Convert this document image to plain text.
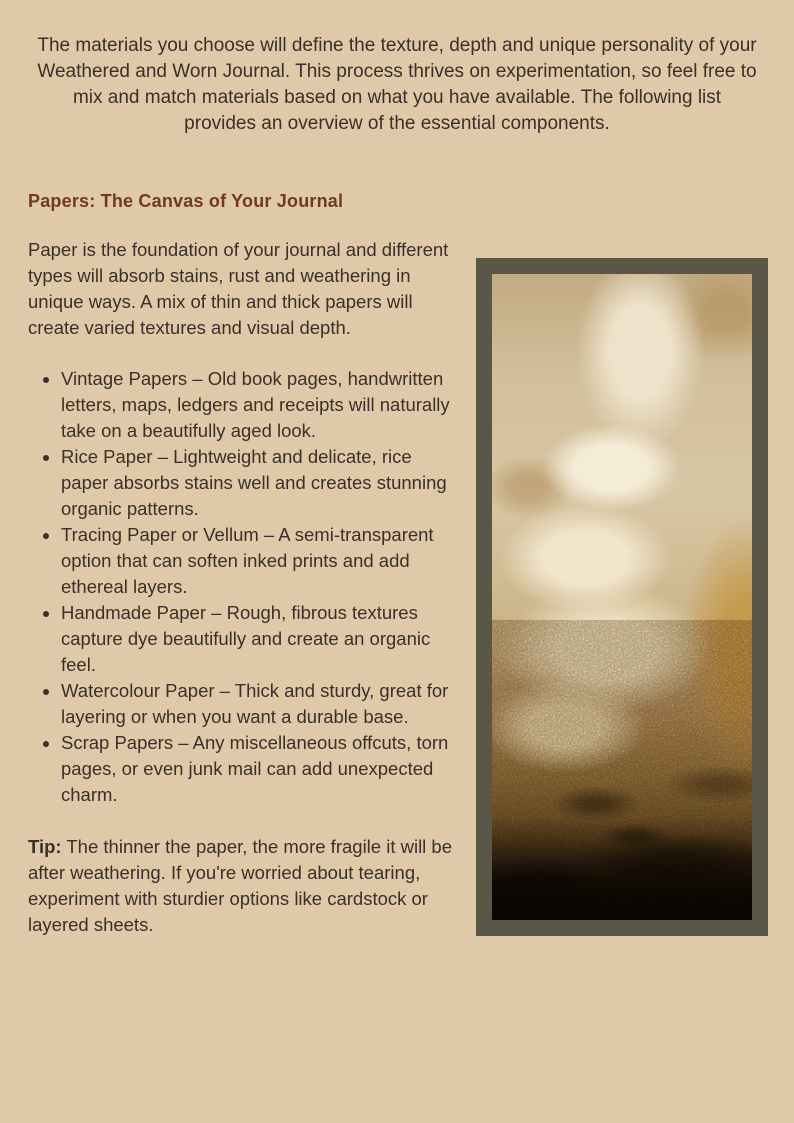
The materials you choose will define the texture, depth and unique personality of your Weathered and Worn Journal. This process thrives on experimentation, so feel free to mix and match materials based on what you have available. The following list provides an overview of the essential components.

Papers: The Canvas of Your Journal

Paper is the foundation of your journal and different types will absorb stains, rust and weathering in unique ways. A mix of thin and thick papers will create varied textures and visual depth.

• Vintage Papers – Old book pages, handwritten letters, maps, ledgers and receipts will naturally take on a beautifully aged look.
• Rice Paper – Lightweight and delicate, rice paper absorbs stains well and creates stunning organic patterns.
• Tracing Paper or Vellum – A semi-transparent option that can soften inked prints and add ethereal layers.
• Handmade Paper – Rough, fibrous textures capture dye beautifully and create an organic feel.
• Watercolour Paper – Thick and sturdy, great for layering or when you want a durable base.
• Scrap Papers – Any miscellaneous offcuts, torn pages, or even junk mail can add unexpected charm.

Tip: The thinner the paper, the more fragile it will be after weathering. If you're worried about tearing, experiment with sturdier options like cardstock or layered sheets.
